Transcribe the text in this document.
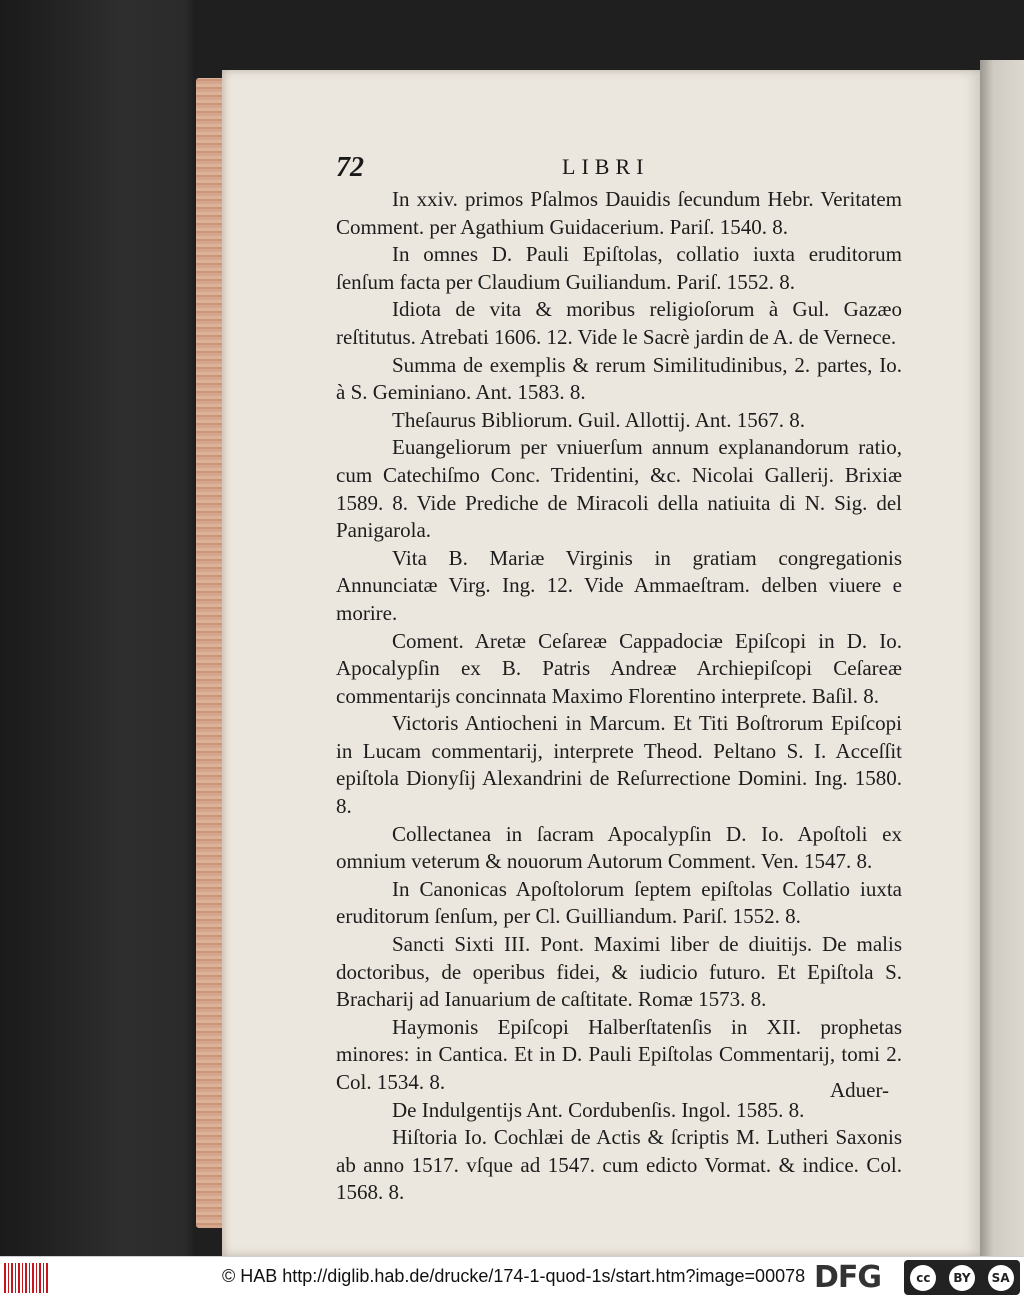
72	LIBRI

In xxiv. primos Pſalmos Dauidis ſecundum Hebr. Veritatem Comment. per Agathium Guidacerium. Pariſ. 1540. 8.

In omnes D. Pauli Epiſtolas, collatio iuxta eruditorum ſenſum facta per Claudium Guiliandum. Pariſ. 1552. 8.

Idiota de vita & moribus religioſorum à Gul. Gazæo reſtitutus. Atrebati 1606. 12. Vide le Sacrè jardin de A. de Vernece.

Summa de exemplis & rerum Similitudinibus, 2. partes, Io. à S. Geminiano. Ant. 1583. 8.

Theſaurus Bibliorum. Guil. Allottij. Ant. 1567. 8.

Euangeliorum per vniuerſum annum explanandorum ratio, cum Catechiſmo Conc. Tridentini, &c. Nicolai Gallerij. Brixiæ 1589. 8. Vide Prediche de Miracoli della natiuita di N. Sig. del Panigarola.

Vita B. Mariæ Virginis in gratiam congregationis Annunciatæ Virg. Ing. 12. Vide Ammaeſtram. delben viuere e morire.

Coment. Aretæ Ceſareæ Cappadociæ Epiſcopi in D. Io. Apocalypſin ex B. Patris Andreæ Archiepiſcopi Ceſareæ commentarijs concinnata Maximo Florentino interprete. Baſil. 8.

Victoris Antiocheni in Marcum. Et Titi Boſtrorum Epiſcopi in Lucam commentarij, interprete Theod. Peltano S. I. Acceſſit epiſtola Dionyſij Alexandrini de Reſurrectione Domini. Ing. 1580. 8.

Collectanea in ſacram Apocalypſin D. Io. Apoſtoli ex omnium veterum & nouorum Autorum Comment. Ven. 1547. 8.

In Canonicas Apoſtolorum ſeptem epiſtolas Collatio iuxta eruditorum ſenſum, per Cl. Guilliandum. Pariſ. 1552. 8.

Sancti Sixti III. Pont. Maximi liber de diuitijs. De malis doctoribus, de operibus fidei, & iudicio futuro. Et Epiſtola S. Bracharij ad Ianuarium de caſtitate. Romæ 1573. 8.

Haymonis Epiſcopi Halberſtatenſis in XII. prophetas minores: in Cantica. Et in D. Pauli Epiſtolas Commentarij, tomi 2. Col. 1534. 8.

De Indulgentijs Ant. Cordubenſis. Ingol. 1585. 8.

Hiſtoria Io. Cochlæi de Actis & ſcriptis M. Lutheri Saxonis ab anno 1517. vſque ad 1547. cum edicto Vormat. & indice. Col. 1568. 8.

Aduer-
© HAB http://diglib.hab.de/drucke/174-1-quod-1s/start.htm?image=00078 DFG	cc	BY	SA
